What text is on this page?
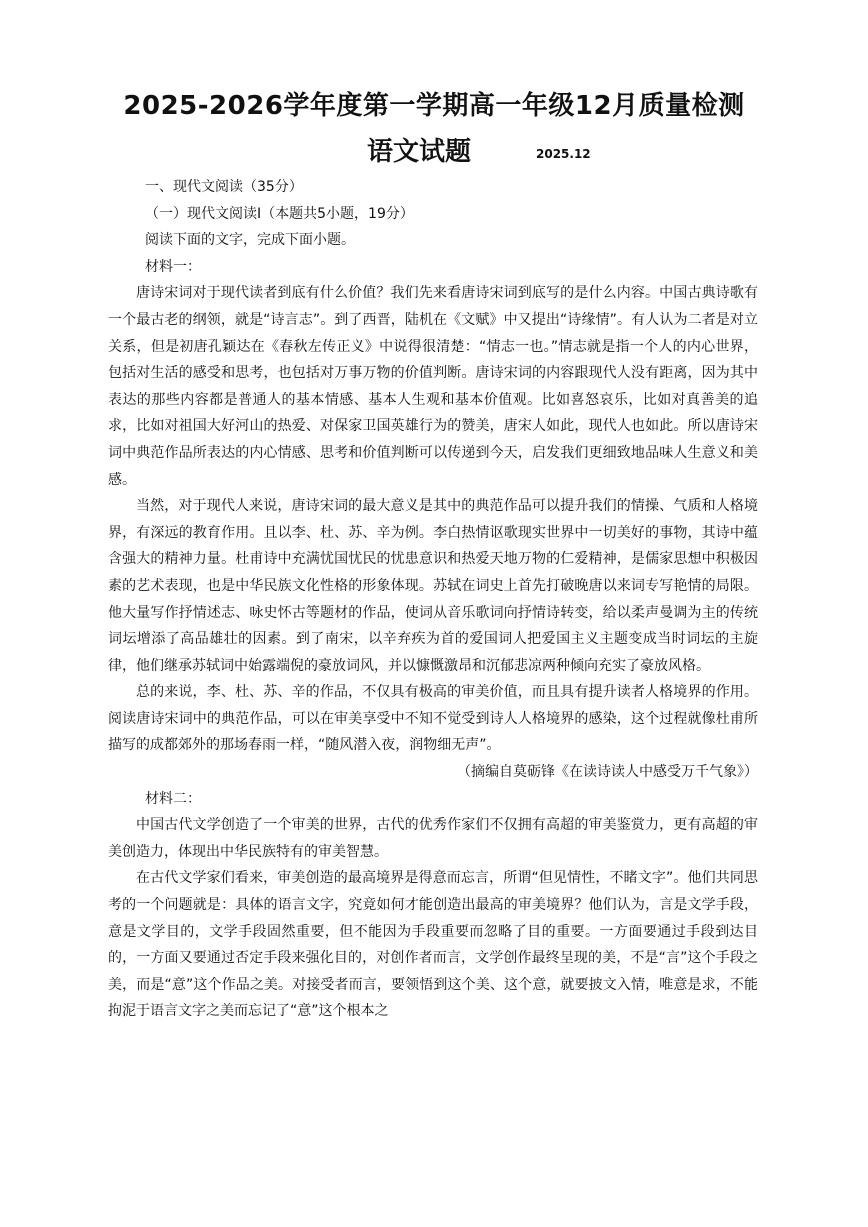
2025-2026学年度第一学期高一年级12月质量检测
语文试题	2025.12

一、现代文阅读（35分）

（一）现代文阅读I（本题共5小题，19分）

阅读下面的文字，完成下面小题。

材料一：

唐诗宋词对于现代读者到底有什么价值？我们先来看唐诗宋词到底写的是什么内容。中国古典诗歌有一个最古老的纲领，就是“诗言志”。到了西晋，陆机在《文赋》中又提出“诗缘情”。有人认为二者是对立关系，但是初唐孔颖达在《春秋左传正义》中说得很清楚：“情志一也。”情志就是指一个人的内心世界，包括对生活的感受和思考，也包括对万事万物的价值判断。唐诗宋词的内容跟现代人没有距离，因为其中表达的那些内容都是普通人的基本情感、基本人生观和基本价值观。比如喜怒哀乐，比如对真善美的追求，比如对祖国大好河山的热爱、对保家卫国英雄行为的赞美，唐宋人如此，现代人也如此。所以唐诗宋词中典范作品所表达的内心情感、思考和价值判断可以传递到今天，启发我们更细致地品味人生意义和美感。

当然，对于现代人来说，唐诗宋词的最大意义是其中的典范作品可以提升我们的情操、气质和人格境界，有深远的教育作用。且以李、杜、苏、辛为例。李白热情讴歌现实世界中一切美好的事物，其诗中蕴含强大的精神力量。杜甫诗中充满忧国忧民的忧患意识和热爱天地万物的仁爱精神，是儒家思想中积极因素的艺术表现，也是中华民族文化性格的形象体现。苏轼在词史上首先打破晚唐以来词专写艳情的局限。他大量写作抒情述志、咏史怀古等题材的作品，使词从音乐歌词向抒情诗转变，给以柔声曼调为主的传统词坛增添了高品雄壮的因素。到了南宋，以辛弃疾为首的爱国词人把爱国主义主题变成当时词坛的主旋律，他们继承苏轼词中始露端倪的豪放词风，并以慷慨激昂和沉郁悲凉两种倾向充实了豪放风格。

总的来说，李、杜、苏、辛的作品，不仅具有极高的审美价值，而且具有提升读者人格境界的作用。阅读唐诗宋词中的典范作品，可以在审美享受中不知不觉受到诗人人格境界的感染，这个过程就像杜甫所描写的成都郊外的那场春雨一样，“随风潜入夜，润物细无声”。

（摘编自莫砺锋《在读诗读人中感受万千气象》）

材料二：

中国古代文学创造了一个审美的世界，古代的优秀作家们不仅拥有高超的审美鉴赏力，更有高超的审美创造力，体现出中华民族特有的审美智慧。

在古代文学家们看来，审美创造的最高境界是得意而忘言，所谓“但见情性，不睹文字”。他们共同思考的一个问题就是：具体的语言文字，究竟如何才能创造出最高的审美境界？他们认为，言是文学手段，意是文学目的，文学手段固然重要，但不能因为手段重要而忽略了目的重要。一方面要通过手段到达目的，一方面又要通过否定手段来强化目的，对创作者而言，文学创作最终呈现的美，不是“言”这个手段之美，而是“意”这个作品之美。对接受者而言，要领悟到这个美、这个意，就要披文入情，唯意是求，不能拘泥于语言文字之美而忘记了“意”这个根本之
